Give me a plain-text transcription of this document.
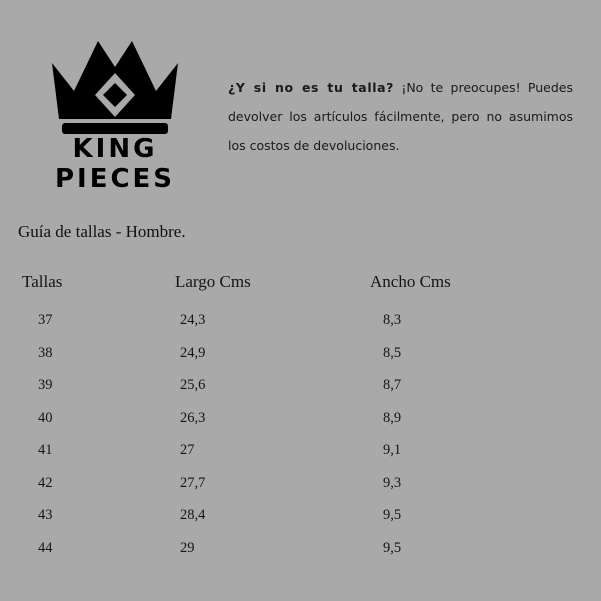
KING PIECES
¿Y si no es tu talla? ¡No te preocupes! Puedes devolver los artículos fácilmente, pero no asumimos los costos de devoluciones.
Guía de tallas - Hombre.
Tallas	Largo Cms	Ancho Cms
37	24,3	8,3
38	24,9	8,5
39	25,6	8,7
40	26,3	8,9
41	27	9,1
42	27,7	9,3
43	28,4	9,5
44	29	9,5
